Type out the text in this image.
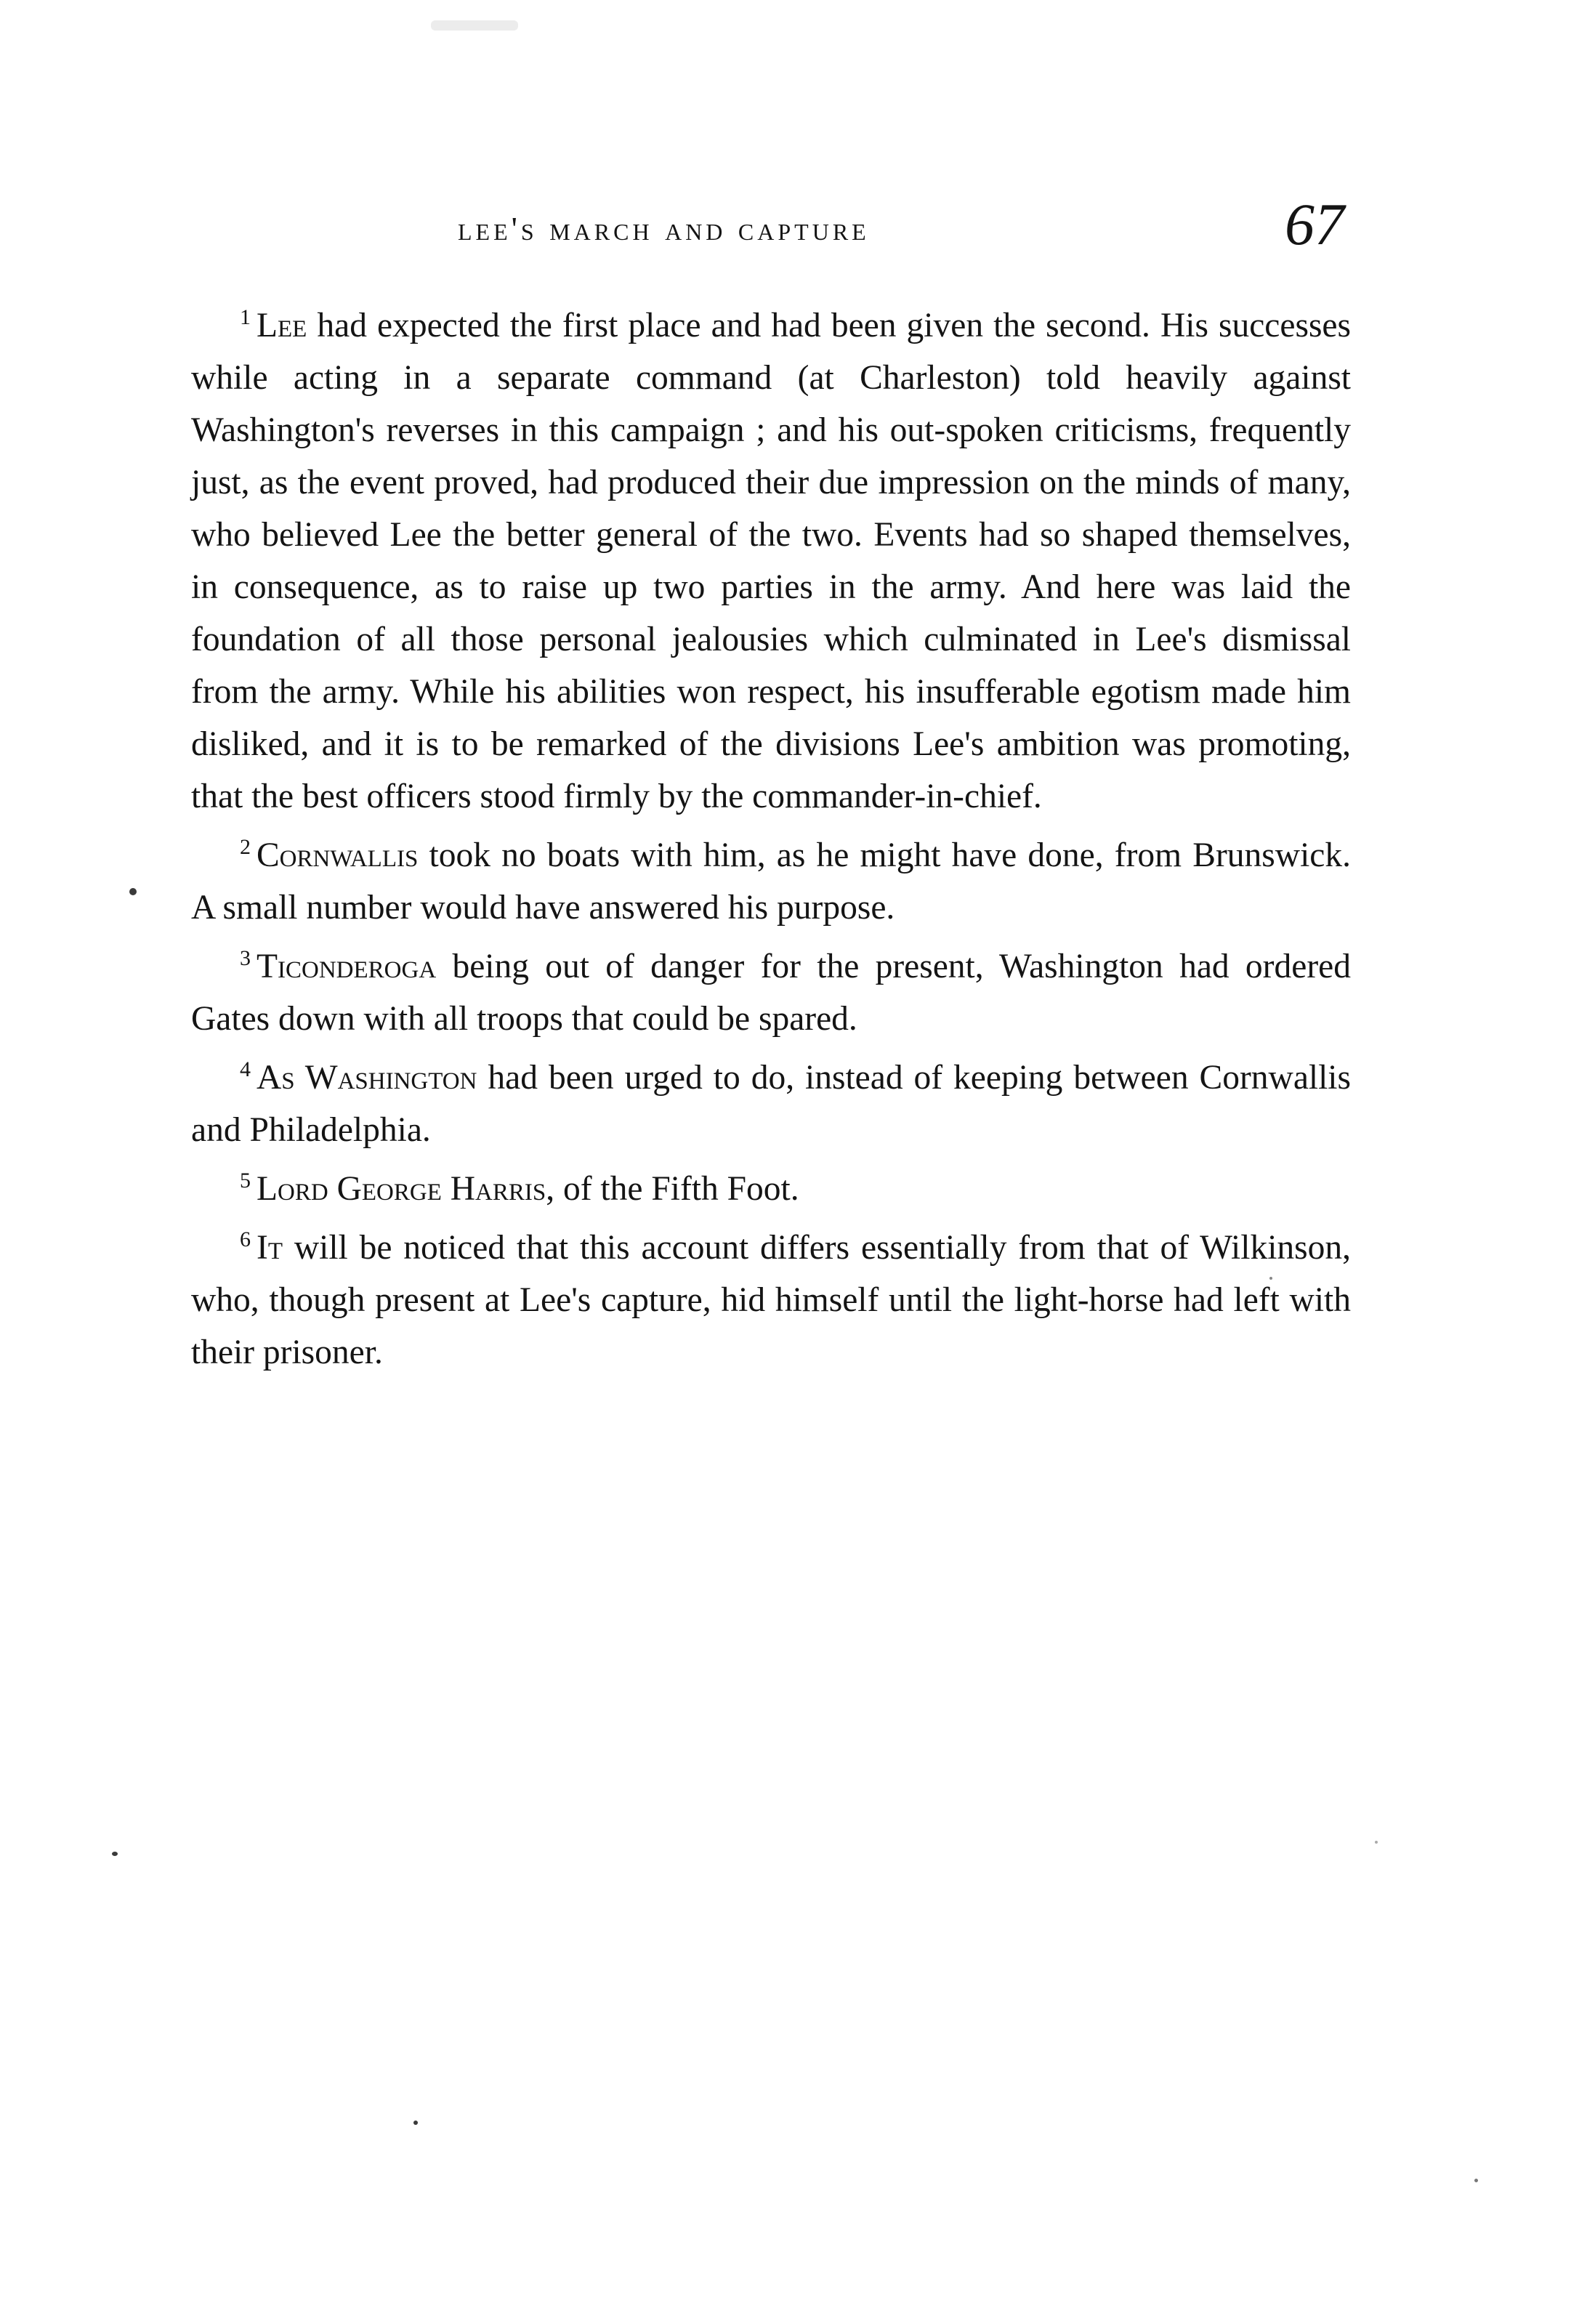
lee's march and capture	67

$^1$ Lee had expected the first place and had been given the second. His successes while acting in a separate command (at Charleston) told heavily against Washington's reverses in this campaign ; and his out-spoken criticisms, frequently just, as the event proved, had produced their due impression on the minds of many, who believed Lee the better general of the two. Events had so shaped themselves, in consequence, as to raise up two parties in the army. And here was laid the foundation of all those personal jealousies which culminated in Lee's dismissal from the army. While his abilities won respect, his insufferable egotism made him disliked, and it is to be remarked of the divisions Lee's ambition was promoting, that the best officers stood firmly by the commander-in-chief.

$^2$ Cornwallis took no boats with him, as he might have done, from Brunswick. A small number would have answered his purpose.

$^3$ Ticonderoga being out of danger for the present, Washington had ordered Gates down with all troops that could be spared.

$^4$ As Washington had been urged to do, instead of keeping between Cornwallis and Philadelphia.

$^5$ Lord George Harris, of the Fifth Foot.

$^6$ It will be noticed that this account differs essentially from that of Wilkinson, who, though present at Lee's capture, hid himself until the light-horse had left with their prisoner.
